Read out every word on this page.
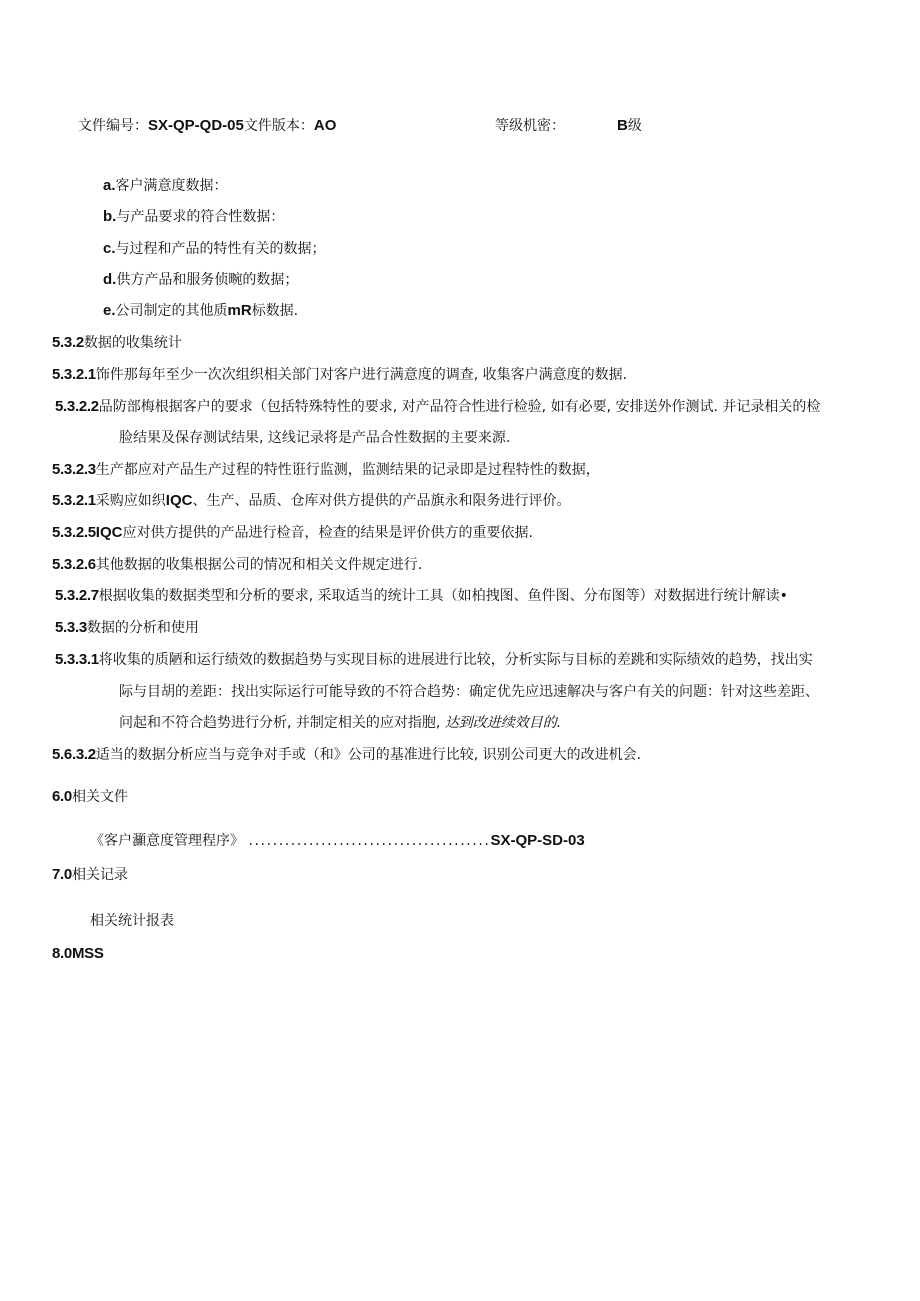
文件编号：SX-QP-QD-05文件版本：AO	等级机密：	B级
a.客户满意度数据：
b.与产品要求的符合性数据：
c.与过程和产品的特性有关的数据；
d.供方产品和服务侦畹的数据；
e.公司制定的其他质mR标数据.
5.3.2数据的收集统计
5.3.2.1饰件那每年至少一次次组织相关部门对客户进行满意度的调查, 收集客户满意度的数据.
5.3.2.2品防部梅根据客户的要求（包括特殊特性的要求, 对产品符合性进行检验, 如有必要, 安排送外作测试. 并记录相关的检
脸结果及保存测试结果, 这线记录将是产品合性数据的主要来源.
5.3.2.3生产都应对产品生产过程的特性诳行监测，监测结果的记录即是过程特性的数据，
5.3.2.1采购应如织IQC、生产、品质、仓库对供方提供的产品旗永和限务进行评价。
5.3.2.5IQC应对供方提供的产品进行检音，检查的结果是评价供方的重要依据.
5.3.2.6其他数据的收集根据公司的情况和相关文件规定进行.
5.3.2.7根据收集的数据类型和分析的要求, 采取适当的统计工具（如柏拽图、鱼件图、分布图等）对数据进行统计解读•
5.3.3数据的分析和使用
5.3.3.1将收集的质陋和运行绩效的数据趋势与实现目标的进展进行比较，分析实际与目标的差跳和实际绩效的趋势，找出实
际与目胡的差距：找出实际运行可能导致的不符合趋势：确定优先应迅速解决与客户有关的问题：针对这些差距、
问起和不符合趋势进行分析, 并制定相关的应对指胞, 达到改进续效目的.
5.6.3.2适当的数据分析应当与竞争对手或（和》公司的基准进行比较, 识别公司更大的改进机会.
6.0相关文件
《客户灦意度管理程序》 ........................................SX-QP-SD-03
7.0相关记录
相关统计报表
8.0MSS
